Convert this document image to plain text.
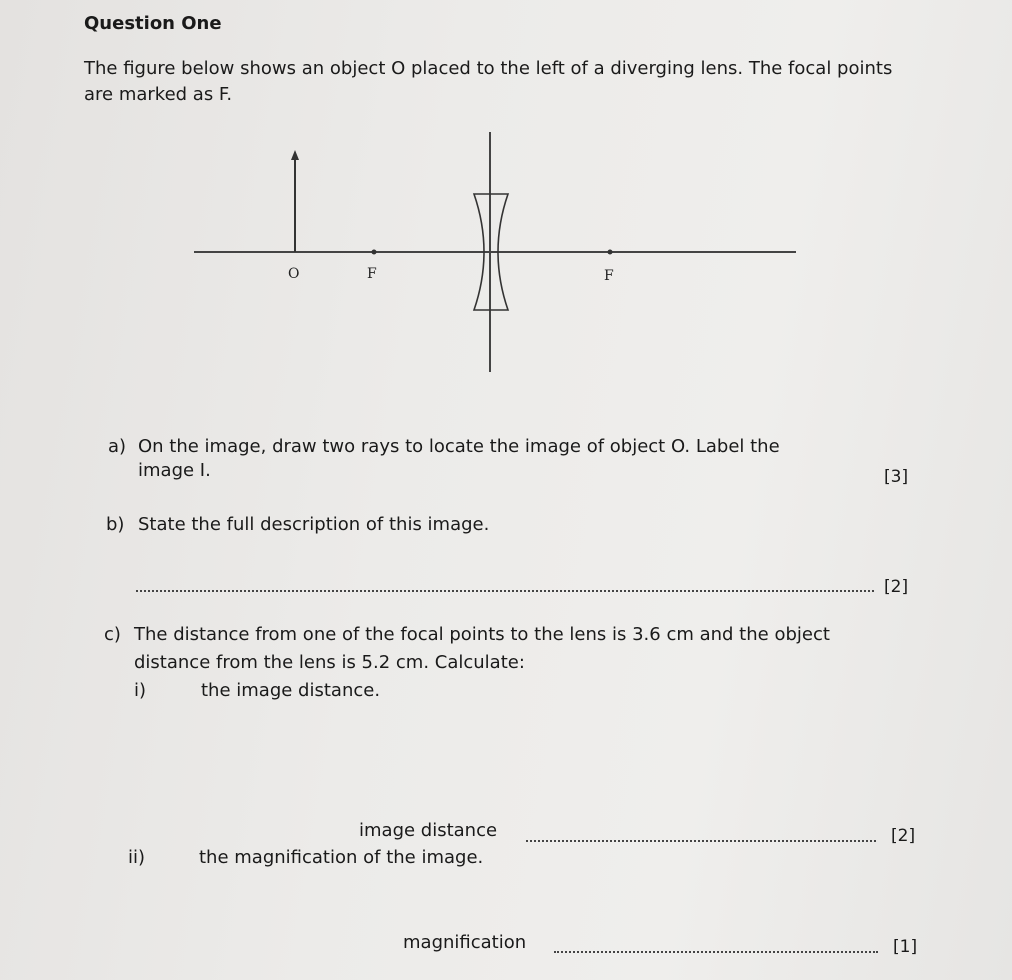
Question One
The figure below shows an object O placed to the left of a diverging lens. The focal points are marked as F.
O	F	F
a) On the image, draw two rays to locate the image of object O. Label the
image I.	[3]
b) State the full description of this image.
[2]
c) The distance from one of the focal points to the lens is 3.6 cm and the object
distance from the lens is 5.2 cm. Calculate:
i)	the image distance.
image distance	[2]
ii)	the magnification of the image.
magnification	[1]
